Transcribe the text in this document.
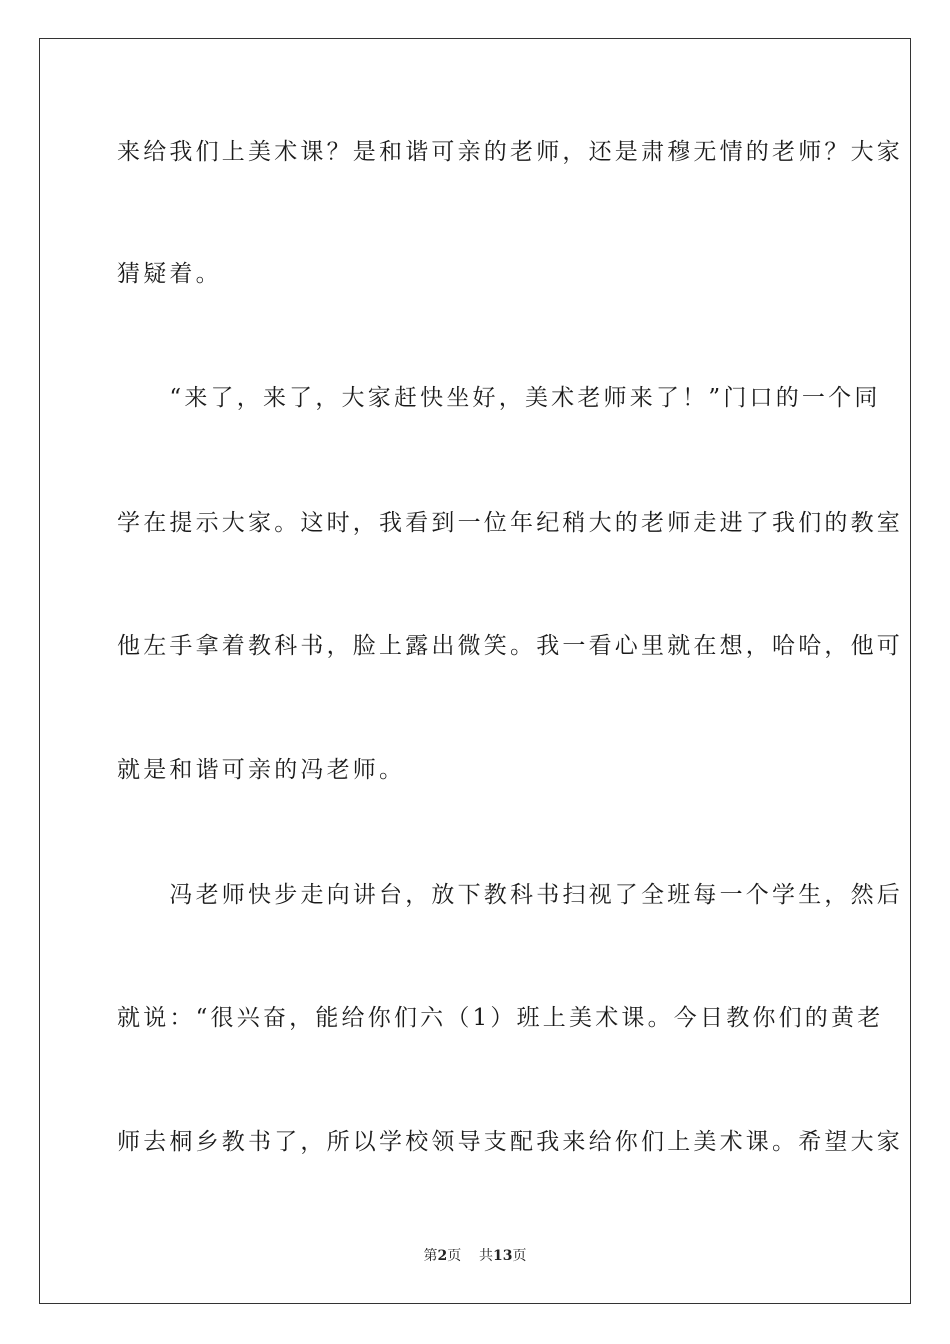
来给我们上美术课？是和谐可亲的老师，还是肃穆无情的老师？大家
猜疑着。
　　“来了，来了，大家赶快坐好，美术老师来了！”门口的一个同
学在提示大家。这时，我看到一位年纪稍大的老师走进了我们的教室
他左手拿着教科书，脸上露出微笑。我一看心里就在想，哈哈，他可
就是和谐可亲的冯老师。
　　冯老师快步走向讲台，放下教科书扫视了全班每一个学生，然后
就说：“很兴奋，能给你们六（1）班上美术课。今日教你们的黄老
师去桐乡教书了，所以学校领导支配我来给你们上美术课。希望大家
第2页 共13页
